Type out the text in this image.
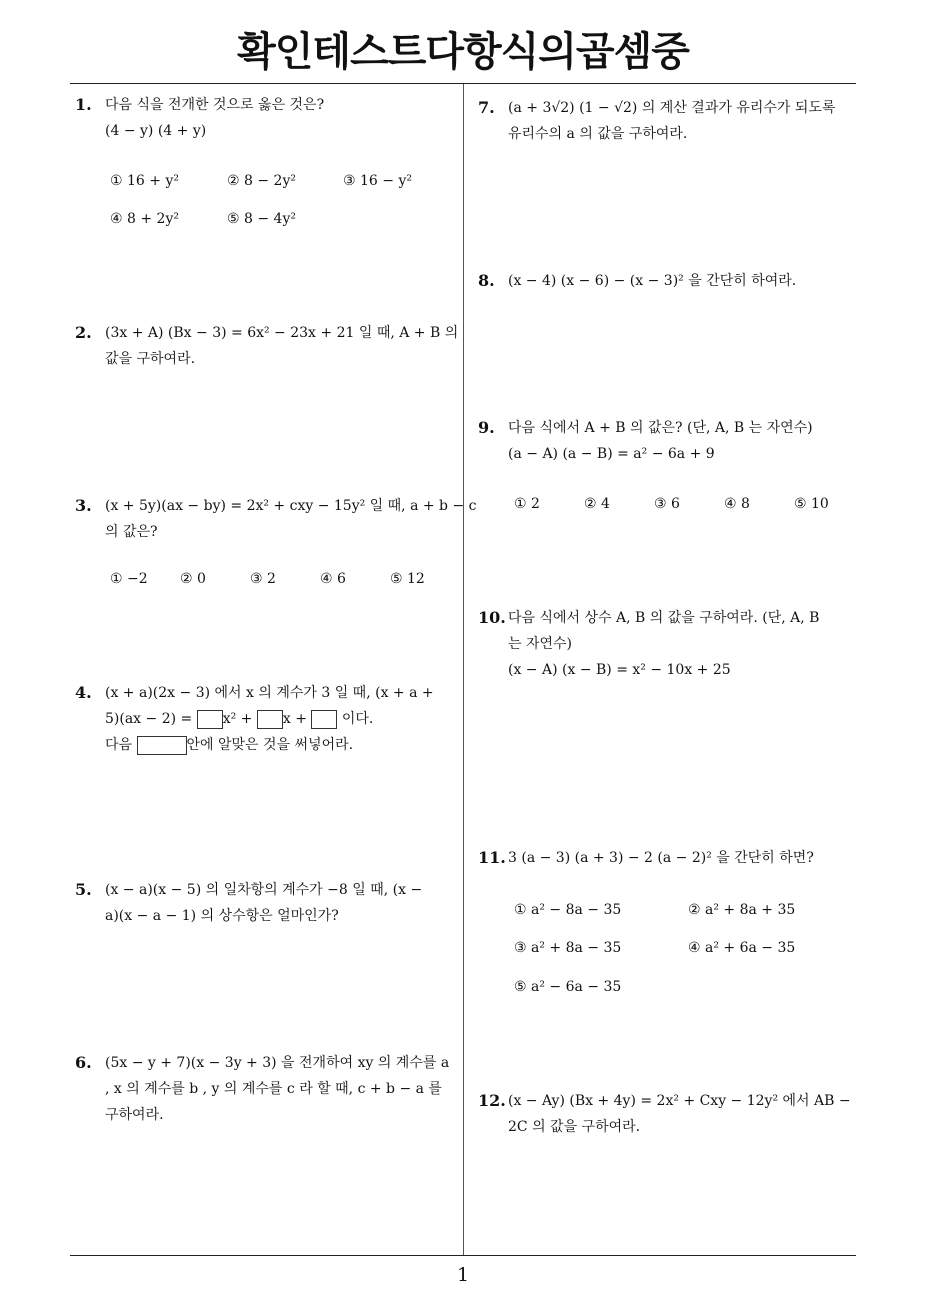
확인테스트다항식의곱셈중
1. 다음 식을 전개한 것으로 옳은 것은?
(4 − y) (4 + y)
① 16 + y²	② 8 − 2y²	③ 16 − y²
④ 8 + 2y²	⑤ 8 − 4y²
2. (3x + A) (Bx − 3) = 6x² − 23x + 21 일 때, A + B 의
값을 구하여라.
3. (x + 5y)(ax − by) = 2x² + cxy − 15y² 일 때, a + b − c
의 값은?
① −2 ② 0	③ 2	④ 6	⑤ 12
4. (x + a)(2x − 3) 에서 x 의 계수가 3 일 때, (x + a +
5)(ax − 2) = x² + x + 이다.
다음	안에 알맞은 것을 써넣어라.
5. (x − a)(x − 5) 의 일차항의 계수가 −8 일 때, (x −
a)(x − a − 1) 의 상수항은 얼마인가?
6. (5x − y + 7)(x − 3y + 3) 을 전개하여 xy 의 계수를 a
, x 의 계수를 b , y 의 계수를 c 라 할 때, c + b − a 를
구하여라.
7. (a + 3√2) (1 − √2) 의 계산 결과가 유리수가 되도록
유리수의 a 의 값을 구하여라.
8. (x − 4) (x − 6) − (x − 3)² 을 간단히 하여라.
9. 다음 식에서 A + B 의 값은? (단, A, B 는 자연수)
(a − A) (a − B) = a² − 6a + 9
① 2	② 4	③ 6	④ 8	⑤ 10
10. 다음 식에서 상수 A, B 의 값을 구하여라. (단, A, B
는 자연수)
(x − A) (x − B) = x² − 10x + 25
11. 3 (a − 3) (a + 3) − 2 (a − 2)² 을 간단히 하면?
① a² − 8a − 35	② a² + 8a + 35
③ a² + 8a − 35	④ a² + 6a − 35
⑤ a² − 6a − 35
12. (x − Ay) (Bx + 4y) = 2x² + Cxy − 12y² 에서 AB −
2C 의 값을 구하여라.
1
